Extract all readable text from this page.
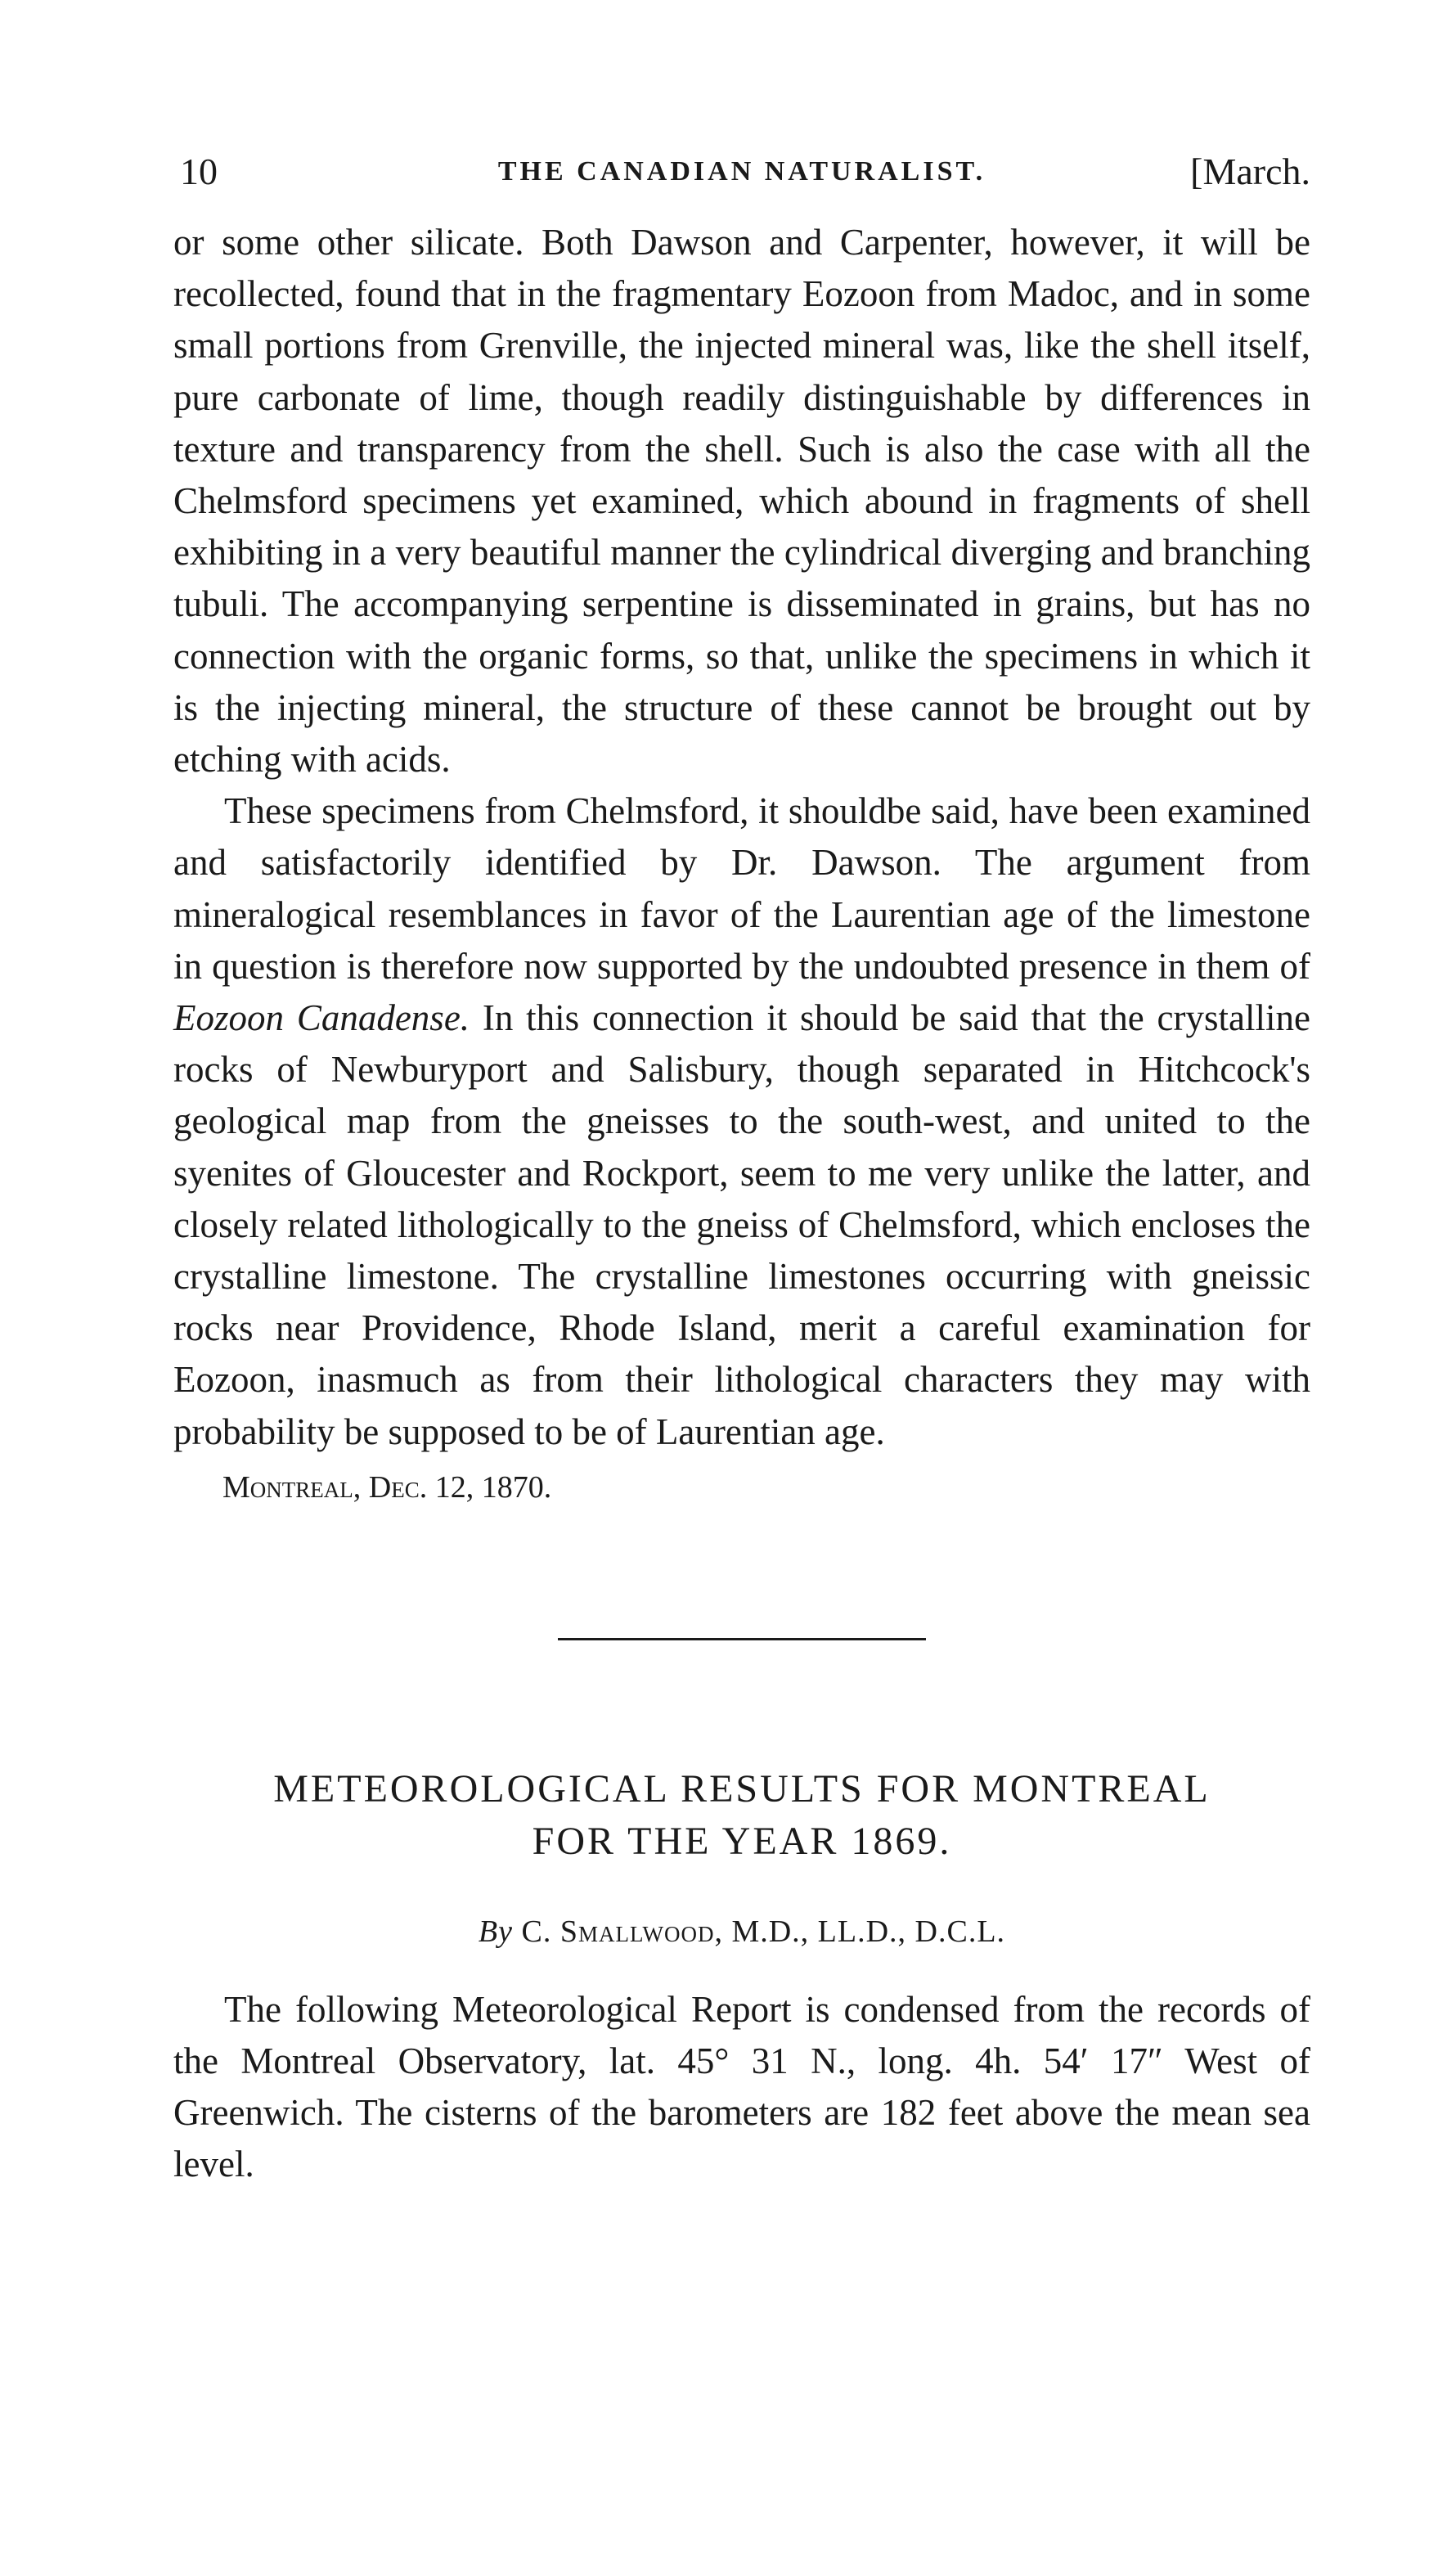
10	THE CANADIAN NATURALIST.	[March.

or some other silicate. Both Dawson and Carpenter, however, it will be recollected, found that in the fragmentary Eozoon from Madoc, and in some small portions from Grenville, the injected mineral was, like the shell itself, pure carbonate of lime, though readily distinguishable by differences in texture and transparency from the shell. Such is also the case with all the Chelmsford specimens yet examined, which abound in fragments of shell exhibiting in a very beautiful manner the cylindrical diverging and branching tubuli. The accompanying serpentine is disseminated in grains, but has no connection with the organic forms, so that, unlike the specimens in which it is the injecting mineral, the structure of these cannot be brought out by etching with acids.

These specimens from Chelmsford, it shouldbe said, have been examined and satisfactorily identified by Dr. Dawson. The argument from mineralogical resemblances in favor of the Laurentian age of the limestone in question is therefore now supported by the undoubted presence in them of Eozoon Canadense. In this connection it should be said that the crystalline rocks of Newburyport and Salisbury, though separated in Hitchcock's geological map from the gneisses to the south-west, and united to the syenites of Gloucester and Rockport, seem to me very unlike the latter, and closely related lithologically to the gneiss of Chelmsford, which encloses the crystalline limestone. The crystalline limestones occurring with gneissic rocks near Providence, Rhode Island, merit a careful examination for Eozoon, inasmuch as from their lithological characters they may with probability be supposed to be of Laurentian age.

Montreal, Dec. 12, 1870.
METEOROLOGICAL RESULTS FOR MONTREAL
FOR THE YEAR 1869.
By C. Smallwood, M.D., LL.D., D.C.L.

The following Meteorological Report is condensed from the records of the Montreal Observatory, lat. 45° 31 N., long. 4h. 54′ 17″ West of Greenwich. The cisterns of the barometers are 182 feet above the mean sea level.
